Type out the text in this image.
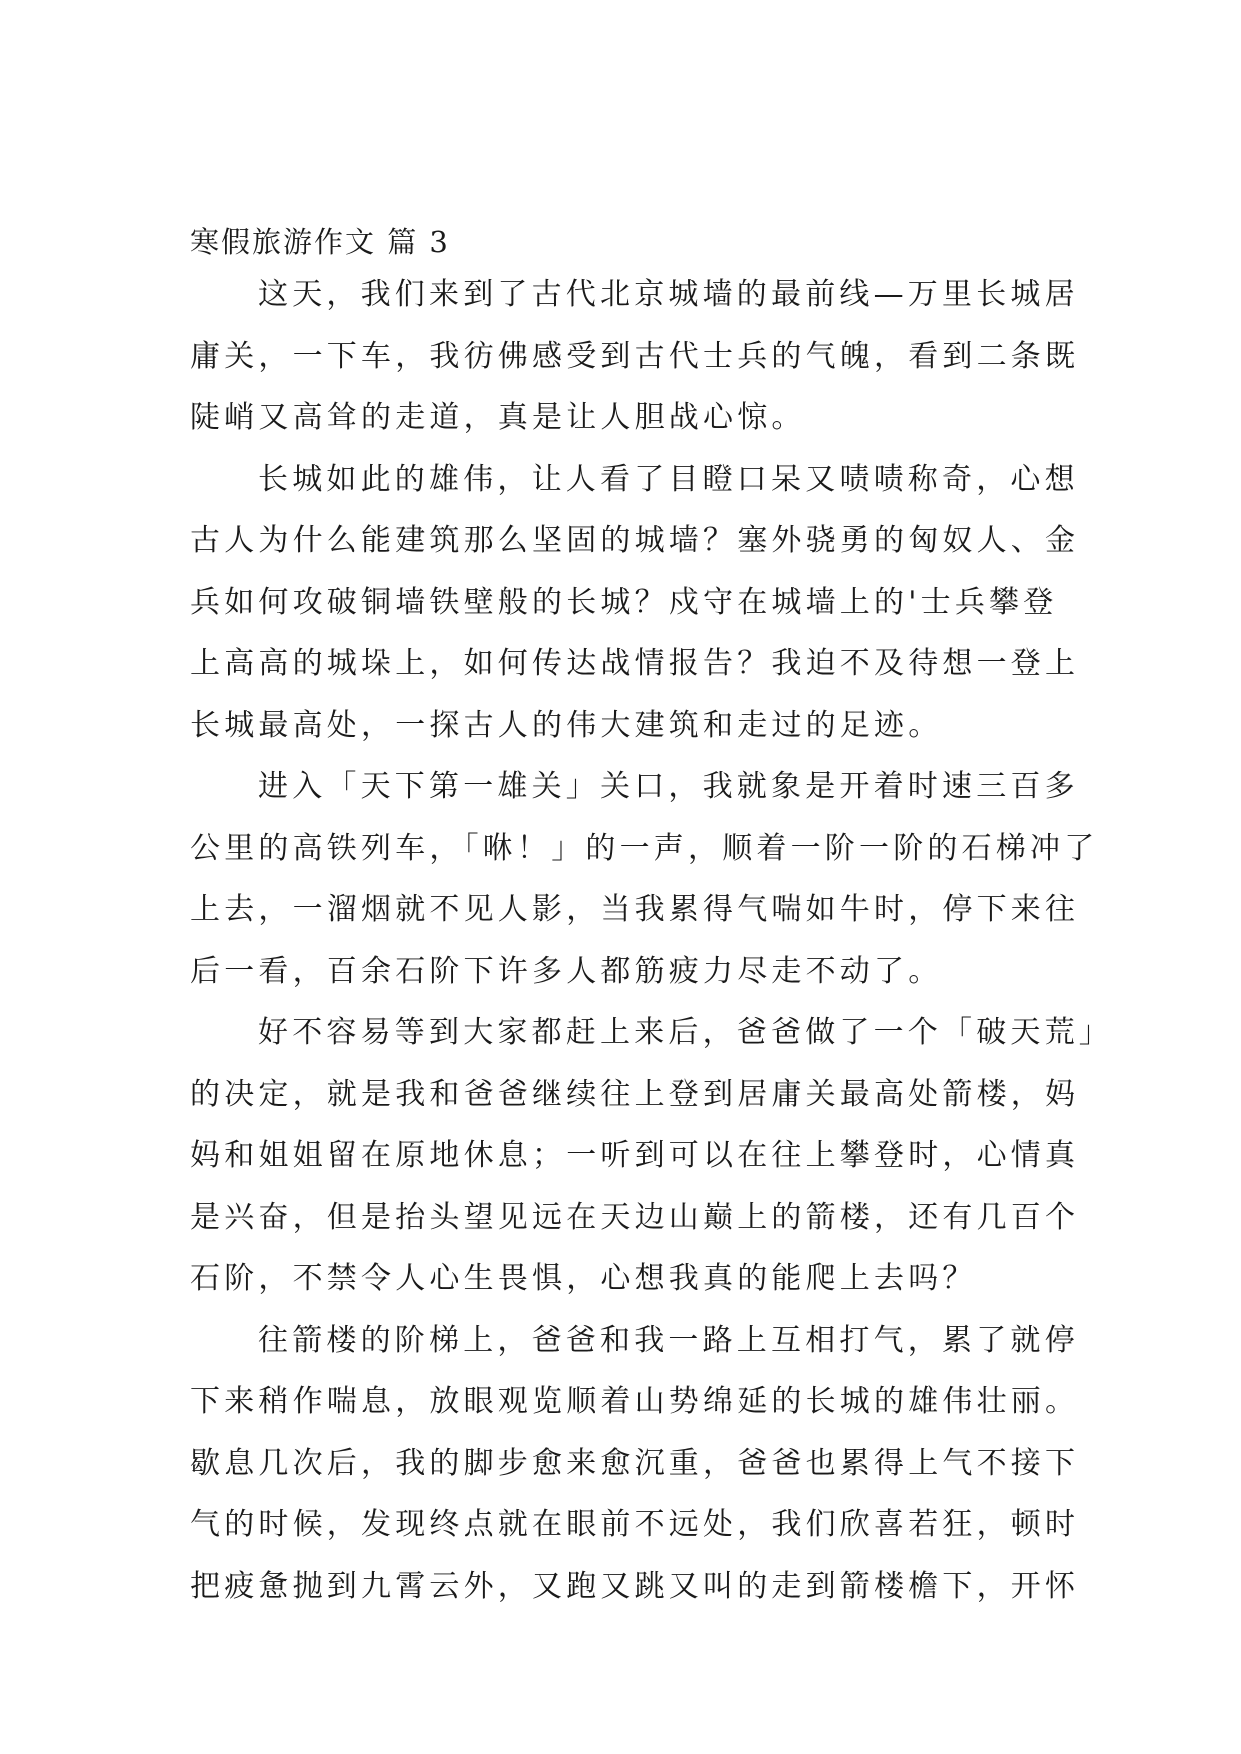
寒假旅游作文 篇 3
这天，我们来到了古代北京城墙的最前线—万里长城居
庸关，一下车，我彷佛感受到古代士兵的气魄，看到二条既
陡峭又高耸的走道，真是让人胆战心惊。
长城如此的雄伟，让人看了目瞪口呆又啧啧称奇，心想
古人为什么能建筑那么坚固的城墙？塞外骁勇的匈奴人、金
兵如何攻破铜墙铁壁般的长城？戍守在城墙上的'士兵攀登
上高高的城垛上，如何传达战情报告？我迫不及待想一登上
长城最高处，一探古人的伟大建筑和走过的足迹。
进入「天下第一雄关」关口，我就象是开着时速三百多
公里的高铁列车，「咻！」的一声，顺着一阶一阶的石梯冲了
上去，一溜烟就不见人影，当我累得气喘如牛时，停下来往
后一看，百余石阶下许多人都筋疲力尽走不动了。
好不容易等到大家都赶上来后，爸爸做了一个「破天荒」
的决定，就是我和爸爸继续往上登到居庸关最高处箭楼，妈
妈和姐姐留在原地休息；一听到可以在往上攀登时，心情真
是兴奋，但是抬头望见远在天边山巅上的箭楼，还有几百个
石阶，不禁令人心生畏惧，心想我真的能爬上去吗？
往箭楼的阶梯上，爸爸和我一路上互相打气，累了就停
下来稍作喘息，放眼观览顺着山势绵延的长城的雄伟壮丽。
歇息几次后，我的脚步愈来愈沉重，爸爸也累得上气不接下
气的时候，发现终点就在眼前不远处，我们欣喜若狂，顿时
把疲惫抛到九霄云外，又跑又跳又叫的走到箭楼檐下，开怀
